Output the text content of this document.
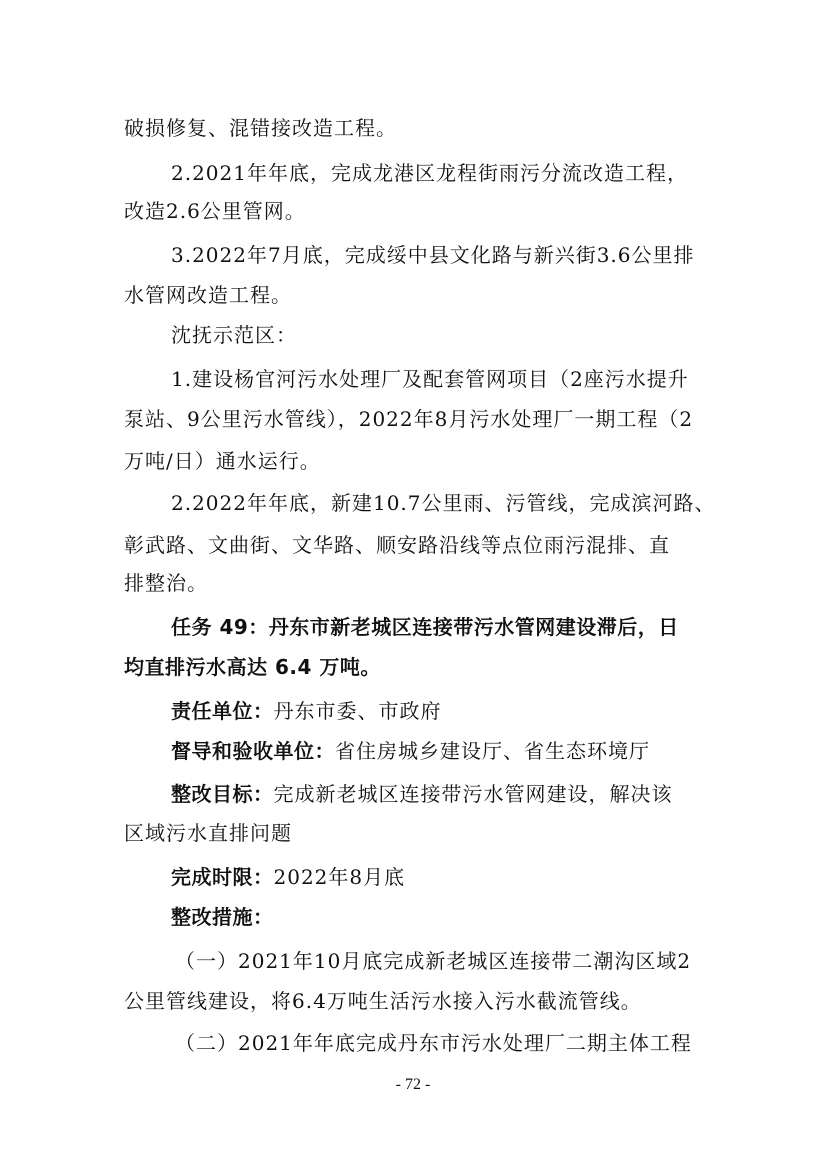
破损修复、混错接改造工程。
2.2021年年底，完成龙港区龙程街雨污分流改造工程，
改造2.6公里管网。
3.2022年7月底，完成绥中县文化路与新兴街3.6公里排
水管网改造工程。
沈抚示范区：
1.建设杨官河污水处理厂及配套管网项目（2座污水提升
泵站、9公里污水管线），2022年8月污水处理厂一期工程（2
万吨/日）通水运行。
2.2022年年底，新建10.7公里雨、污管线，完成滨河路、
彰武路、文曲街、文华路、顺安路沿线等点位雨污混排、直
排整治。
任务 49：丹东市新老城区连接带污水管网建设滞后，日
均直排污水高达 6.4 万吨。
责任单位：丹东市委、市政府
督导和验收单位：省住房城乡建设厅、省生态环境厅
整改目标：完成新老城区连接带污水管网建设，解决该
区域污水直排问题
完成时限：2022年8月底
整改措施：
（一）2021年10月底完成新老城区连接带二潮沟区域2
公里管线建设，将6.4万吨生活污水接入污水截流管线。
（二）2021年年底完成丹东市污水处理厂二期主体工程
- 72 -
